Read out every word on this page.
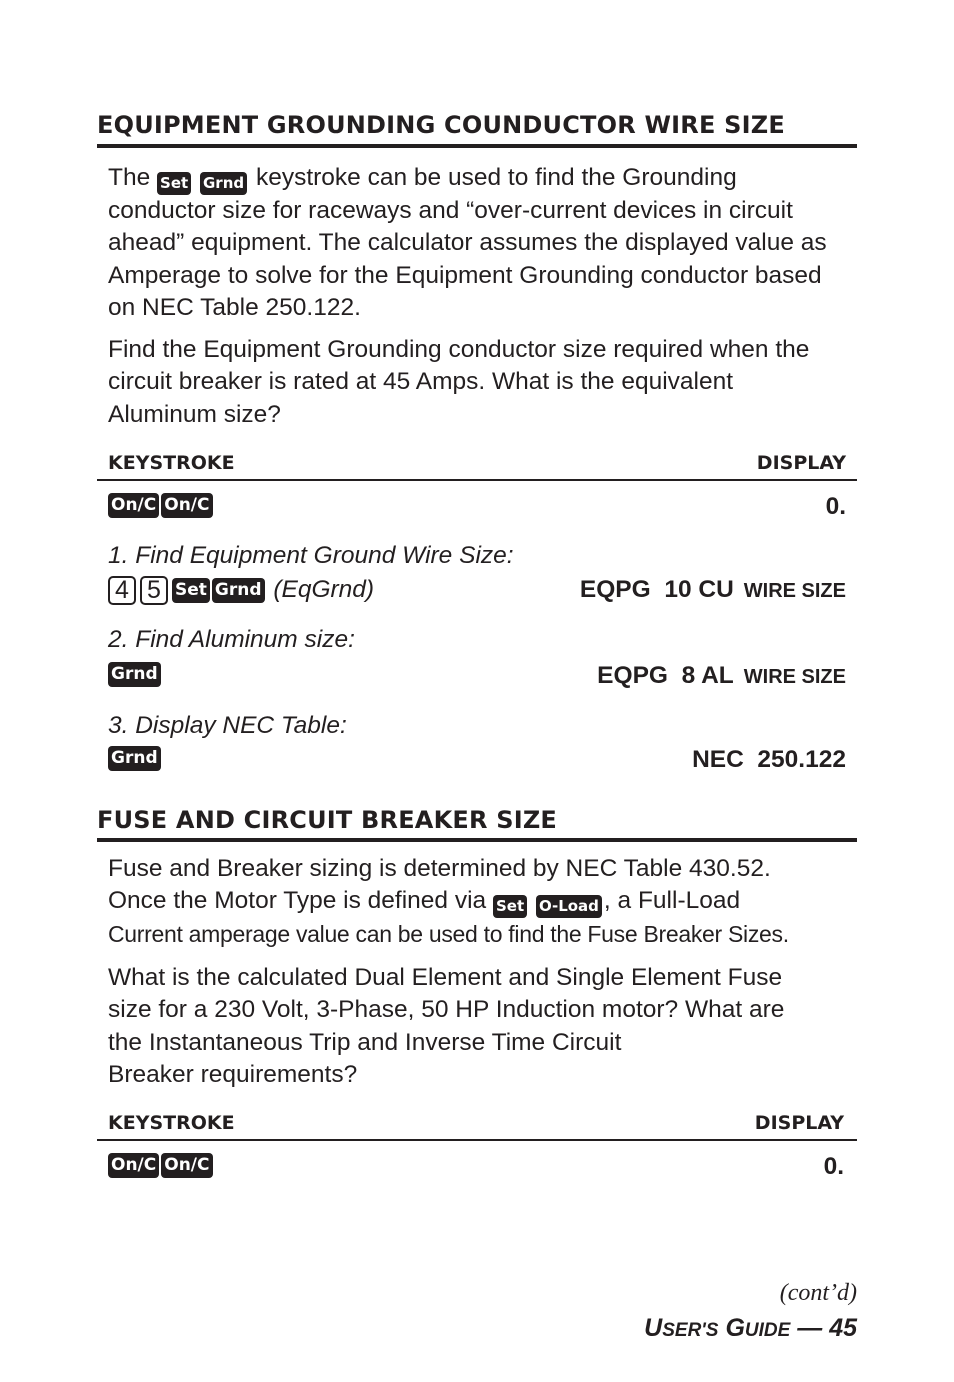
EQUIPMENT GROUNDING COUNDUCTOR WIRE SIZE

The Set Grnd keystroke can be used to find the Grounding

conductor size for raceways and “over-current devices in circuit

ahead” equipment. The calculator assumes the displayed value as

Amperage to solve for the Equipment Grounding conductor based

on NEC Table 250.122.

Find the Equipment Grounding conductor size required when the

circuit breaker is rated at 45 Amps. What is the equivalent

Aluminum size?

KEYSTROKE	DISPLAY
On/C On/C	0.
1. Find Equipment Ground Wire Size:
4 5 Set Grnd (EqGrnd)	EQPG  10 CU WIRE SIZE
2. Find Aluminum size:
Grnd	EQPG  8 AL WIRE SIZE
3. Display NEC Table:
Grnd	NEC  250.122
FUSE AND CIRCUIT BREAKER SIZE

Fuse and Breaker sizing is determined by NEC Table 430.52.

Once the Motor Type is defined via Set O-Load , a Full-Load

Current amperage value can be used to find the Fuse Breaker Sizes.

What is the calculated Dual Element and Single Element Fuse

size for a 230 Volt, 3-Phase, 50 HP Induction motor? What are

the Instantaneous Trip and Inverse Time Circuit

Breaker requirements?

KEYSTROKE	DISPLAY
On/C On/C	0.
(cont’d)
USER'S GUIDE — 45
